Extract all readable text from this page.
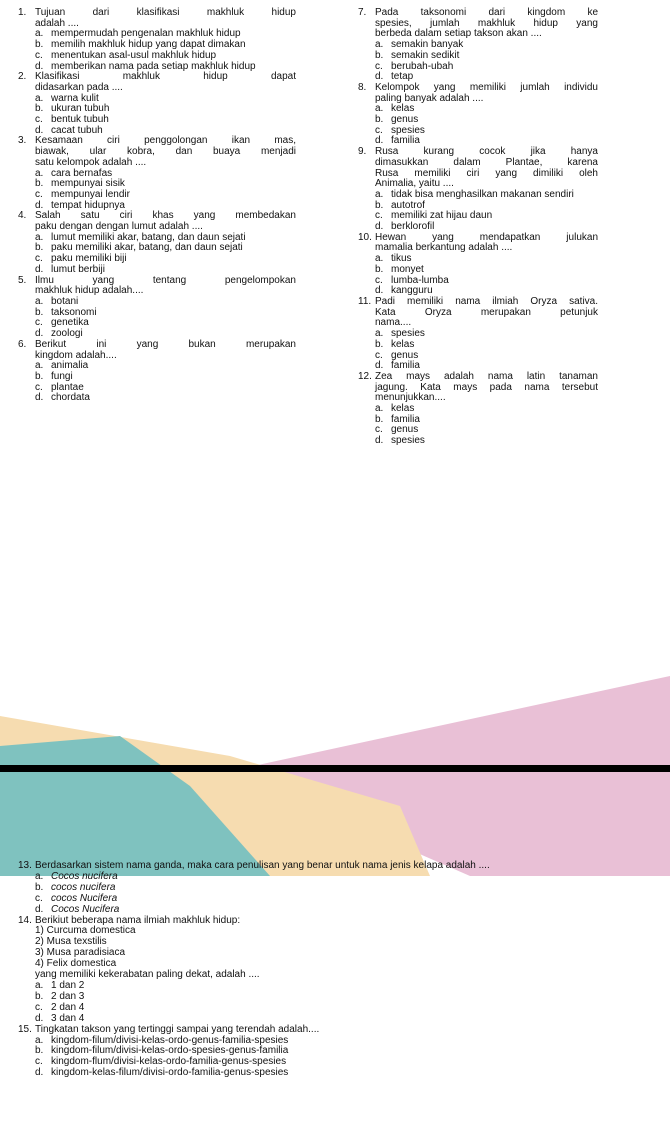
1. Tujuan dari klasifikasi makhluk hidup
adalah ....
a. mempermudah pengenalan makhluk hidup
b. memilih makhluk hidup yang dapat dimakan
c. menentukan asal-usul makhluk hidup
d. memberikan nama pada setiap makhluk hidup
2. Klasifikasi makhluk hidup dapat
didasarkan pada ....
a. warna kulit
b. ukuran tubuh
c. bentuk tubuh
d. cacat tubuh
3. Kesamaan ciri penggolongan ikan mas,
biawak, ular kobra, dan buaya menjadi
satu kelompok adalah ....
a. cara bernafas
b. mempunyai sisik
c. mempunyai lendir
d. tempat hidupnya
4. Salah satu ciri khas yang membedakan
paku dengan dengan lumut adalah ....
a. lumut memiliki akar, batang, dan daun sejati
b. paku memiliki akar, batang, dan daun sejati
c. paku memiliki biji
d. lumut berbiji
5. Ilmu yang tentang pengelompokan
makhluk hidup adalah....
a. botani
b. taksonomi
c. genetika
d. zoologi
6. Berikut ini yang bukan merupakan
kingdom adalah....
a. animalia
b. fungi
c. plantae
d. chordata
7. Pada taksonomi dari kingdom ke
spesies, jumlah makhluk hidup yang
berbeda dalam setiap takson akan ....
a. semakin banyak
b. semakin sedikit
c. berubah-ubah
d. tetap
8. Kelompok yang memiliki jumlah individu
paling banyak adalah ....
a. kelas
b. genus
c. spesies
d. familia
9. Rusa kurang cocok jika hanya
dimasukkan dalam Plantae, karena
Rusa memiliki ciri yang dimiliki oleh
Animalia, yaitu ....
a. tidak bisa menghasilkan makanan sendiri
b. autotrof
c. memiliki zat hijau daun
d. berklorofil
10. Hewan yang mendapatkan julukan
mamalia berkantung adalah ....
a. tikus
b. monyet
c. lumba-lumba
d. kangguru
11. Padi memiliki nama ilmiah Oryza sativa.
Kata Oryza merupakan petunjuk
nama....
a. spesies
b. kelas
c. genus
d. familia
12. Zea mays adalah nama latin tanaman
jagung. Kata mays pada nama tersebut
menunjukkan....
a. kelas
b. familia
c. genus
d. spesies
13. Berdasarkan sistem nama ganda, maka cara penulisan yang benar untuk nama jenis kelapa adalah ....
a. Cocos nucifera
b. cocos nucifera
c. cocos Nucifera
d. Cocos Nucifera
14. Berikiut beberapa nama ilmiah makhluk hidup:
1) Curcuma domestica
2) Musa texstilis
3) Musa paradisiaca
4) Felix domestica
yang memiliki kekerabatan paling dekat, adalah ....
a. 1 dan 2
b. 2 dan 3
c. 2 dan 4
d. 3 dan 4
15. Tingkatan takson yang tertinggi sampai yang terendah adalah....
a. kingdom-filum/divisi-kelas-ordo-genus-familia-spesies
b. kingdom-filum/divisi-kelas-ordo-spesies-genus-familia
c. kingdom-flum/divisi-kelas-ordo-familia-genus-spesies
d. kingdom-kelas-filum/divisi-ordo-familia-genus-spesies
